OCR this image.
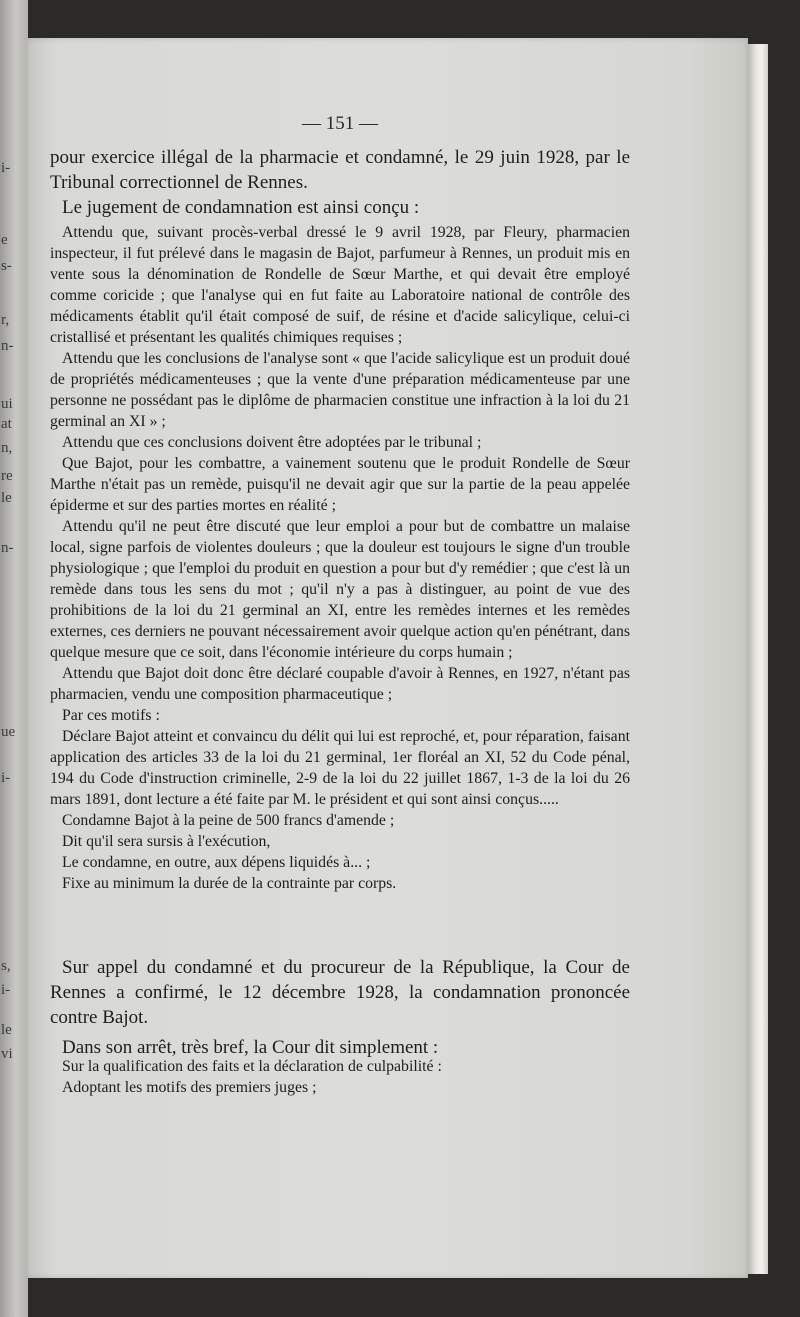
i-
e
s-
r,
n-
ui
at
n,
re
le
n-
ue
i-
s,
i-
le
vi
— 151 —

pour exercice illégal de la pharmacie et condamné, le 29 juin 1928, par le Tribunal correctionnel de Rennes.

Le jugement de condamnation est ainsi conçu :

Attendu que, suivant procès-verbal dressé le 9 avril 1928, par Fleury, pharmacien inspecteur, il fut prélevé dans le magasin de Bajot, parfumeur à Rennes, un produit mis en vente sous la dénomination de Rondelle de Sœur Marthe, et qui devait être employé comme coricide ; que l'analyse qui en fut faite au Laboratoire national de contrôle des médicaments établit qu'il était composé de suif, de résine et d'acide salicylique, celui-ci cristallisé et présentant les qualités chimiques requises ;

Attendu que les conclusions de l'analyse sont « que l'acide salicylique est un produit doué de propriétés médicamenteuses ; que la vente d'une préparation médicamenteuse par une personne ne possédant pas le diplôme de pharmacien constitue une infraction à la loi du 21 germinal an XI » ;

Attendu que ces conclusions doivent être adoptées par le tribunal ;

Que Bajot, pour les combattre, a vainement soutenu que le produit Rondelle de Sœur Marthe n'était pas un remède, puisqu'il ne devait agir que sur la partie de la peau appelée épiderme et sur des parties mortes en réalité ;

Attendu qu'il ne peut être discuté que leur emploi a pour but de combattre un malaise local, signe parfois de violentes douleurs ; que la douleur est toujours le signe d'un trouble physiologique ; que l'emploi du produit en question a pour but d'y remédier ; que c'est là un remède dans tous les sens du mot ; qu'il n'y a pas à distinguer, au point de vue des prohibitions de la loi du 21 germinal an XI, entre les remèdes internes et les remèdes externes, ces derniers ne pouvant nécessairement avoir quelque action qu'en pénétrant, dans quelque mesure que ce soit, dans l'économie intérieure du corps humain ;

Attendu que Bajot doit donc être déclaré coupable d'avoir à Rennes, en 1927, n'étant pas pharmacien, vendu une composition pharmaceutique ;

Par ces motifs :

Déclare Bajot atteint et convaincu du délit qui lui est reproché, et, pour réparation, faisant application des articles 33 de la loi du 21 germinal, 1er floréal an XI, 52 du Code pénal, 194 du Code d'instruction criminelle, 2-9 de la loi du 22 juillet 1867, 1-3 de la loi du 26 mars 1891, dont lecture a été faite par M. le président et qui sont ainsi conçus.....

Condamne Bajot à la peine de 500 francs d'amende ;

Dit qu'il sera sursis à l'exécution,

Le condamne, en outre, aux dépens liquidés à... ;

Fixe au minimum la durée de la contrainte par corps.

Sur appel du condamné et du procureur de la République, la Cour de Rennes a confirmé, le 12 décembre 1928, la condamnation prononcée contre Bajot.

Dans son arrêt, très bref, la Cour dit simplement :

Sur la qualification des faits et la déclaration de culpabilité :

Adoptant les motifs des premiers juges ;
